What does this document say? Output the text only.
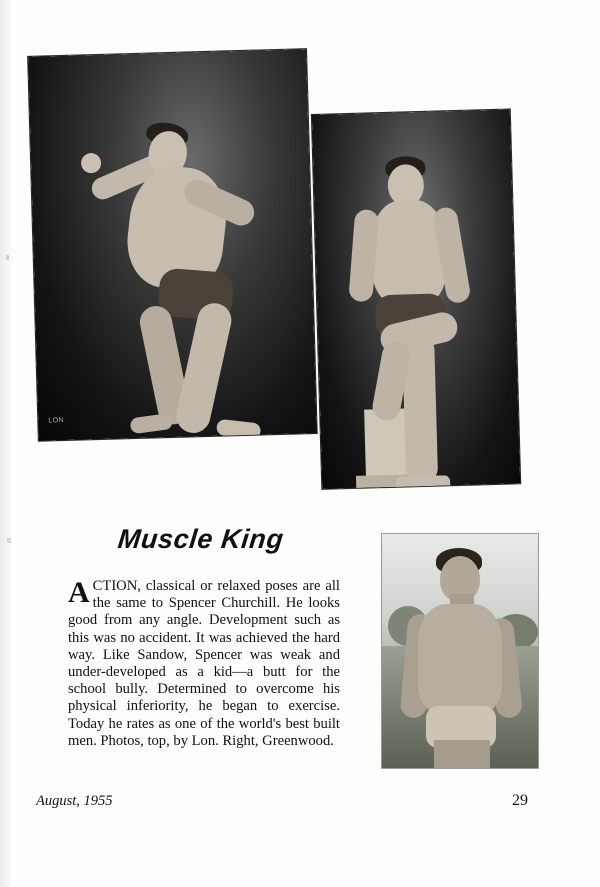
LON
Muscle King

ACTION, classical or relaxed poses are all the same to Spencer Churchill. He looks good from any angle. Development such as this was no accident. It was achieved the hard way. Like Sandow, Spencer was weak and under-developed as a kid—a butt for the school bully. Determined to overcome his physical inferiority, he began to exercise. Today he rates as one of the world's best built men. Photos, top, by Lon. Right, Greenwood.

August, 1955	29
